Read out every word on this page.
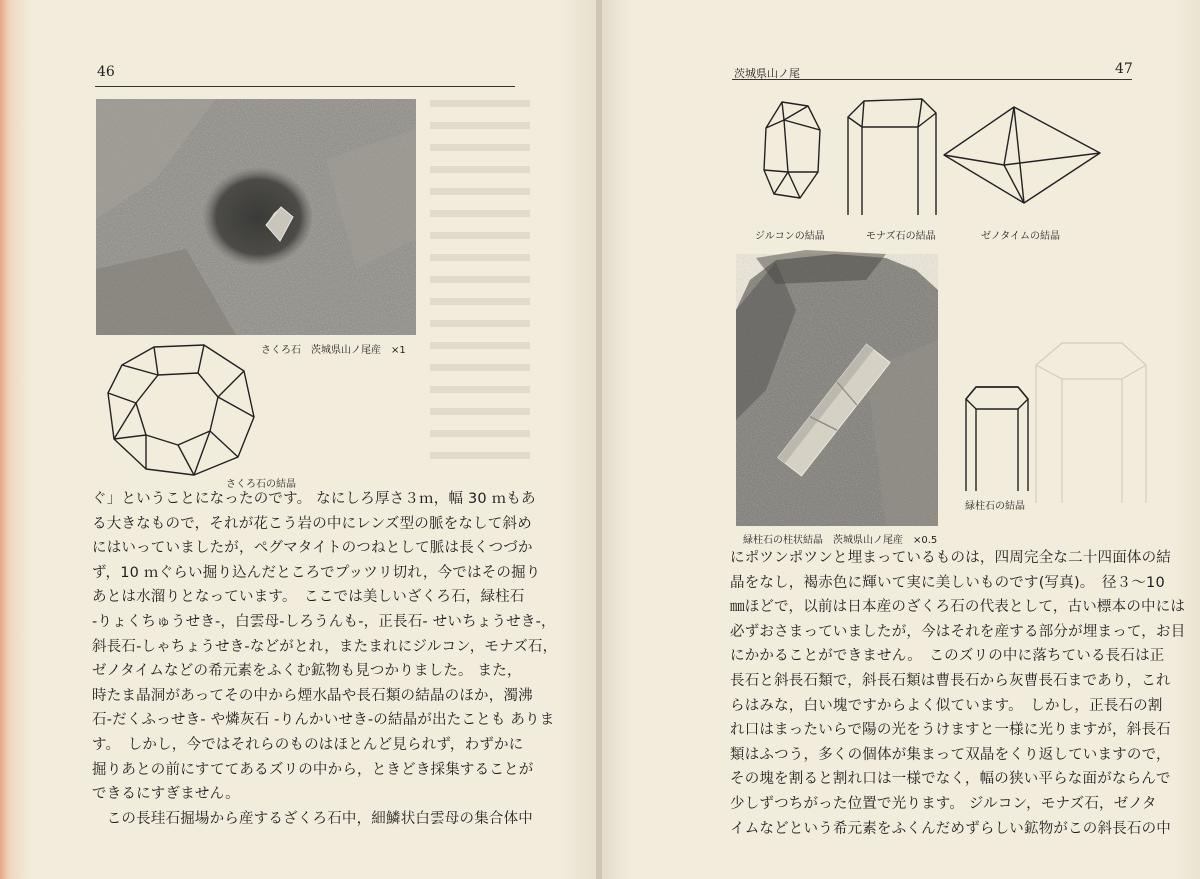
46
さくろ石　茨城県山ノ尾産　×1
さくろ石の結晶
ぐ」ということになったのです。 なにしろ厚さ３ｍ，幅 30 ｍもあ
る大きなもので，それが花こう岩の中にレンズ型の脈をなして斜め
にはいっていましたが，ペグマタイトのつねとして脈は長くつづか
ず，10 ｍぐらい掘り込んだところでプッツリ切れ，今ではその掘り
あとは水溜りとなっています。　ここでは美しいざくろ石，緑柱石
-りょくちゅうせき-，白雲母-しろうんも-，正長石- せいちょうせき-，
斜長石-しゃちょうせき-などがとれ，またまれにジルコン，モナズ石，
ゼノタイムなどの希元素をふくむ鉱物も見つかりました。 また，
時たま晶洞があってその中から煙水晶や長石類の結晶のほか，濁沸
石-だくふっせき- や燐灰石 -りんかいせき-の結晶が出たことも ありま
す。　しかし，今ではそれらのものはほとんど見られず，わずかに
掘りあとの前にすててあるズリの中から，ときどき採集することが
できるにすぎません。
　この長珪石掘場から産するざくろ石中，細鱗状白雲母の集合体中
茨城県山ノ尾	47
ジルコンの結晶	モナズ石の結晶	ゼノタイムの結晶
緑柱石の柱状結晶　茨城県山ノ尾産　×0.5
緑柱石の結晶
にポツンポツンと埋まっているものは，四周完全な二十四面体の結
晶をなし，褐赤色に輝いて実に美しいものです(写真)。　径３～10
㎜ほどで，以前は日本産のざくろ石の代表として，古い標本の中には
必ずおさまっていましたが，今はそれを産する部分が埋まって，お目
にかかることができません。　このズリの中に落ちている長石は正
長石と斜長石類で，斜長石類は曹長石から灰曹長石まであり，これ
らはみな，白い塊ですからよく似ています。　しかし，正長石の割
れ口はまったいらで陽の光をうけますと一様に光りますが，斜長石
類はふつう，多くの個体が集まって双晶をくり返していますので，
その塊を割ると割れ口は一様でなく，幅の狭い平らな面がならんで
少しずつちがった位置で光ります。 ジルコン，モナズ石，ゼノタ
イムなどという希元素をふくんだめずらしい鉱物がこの斜長石の中
